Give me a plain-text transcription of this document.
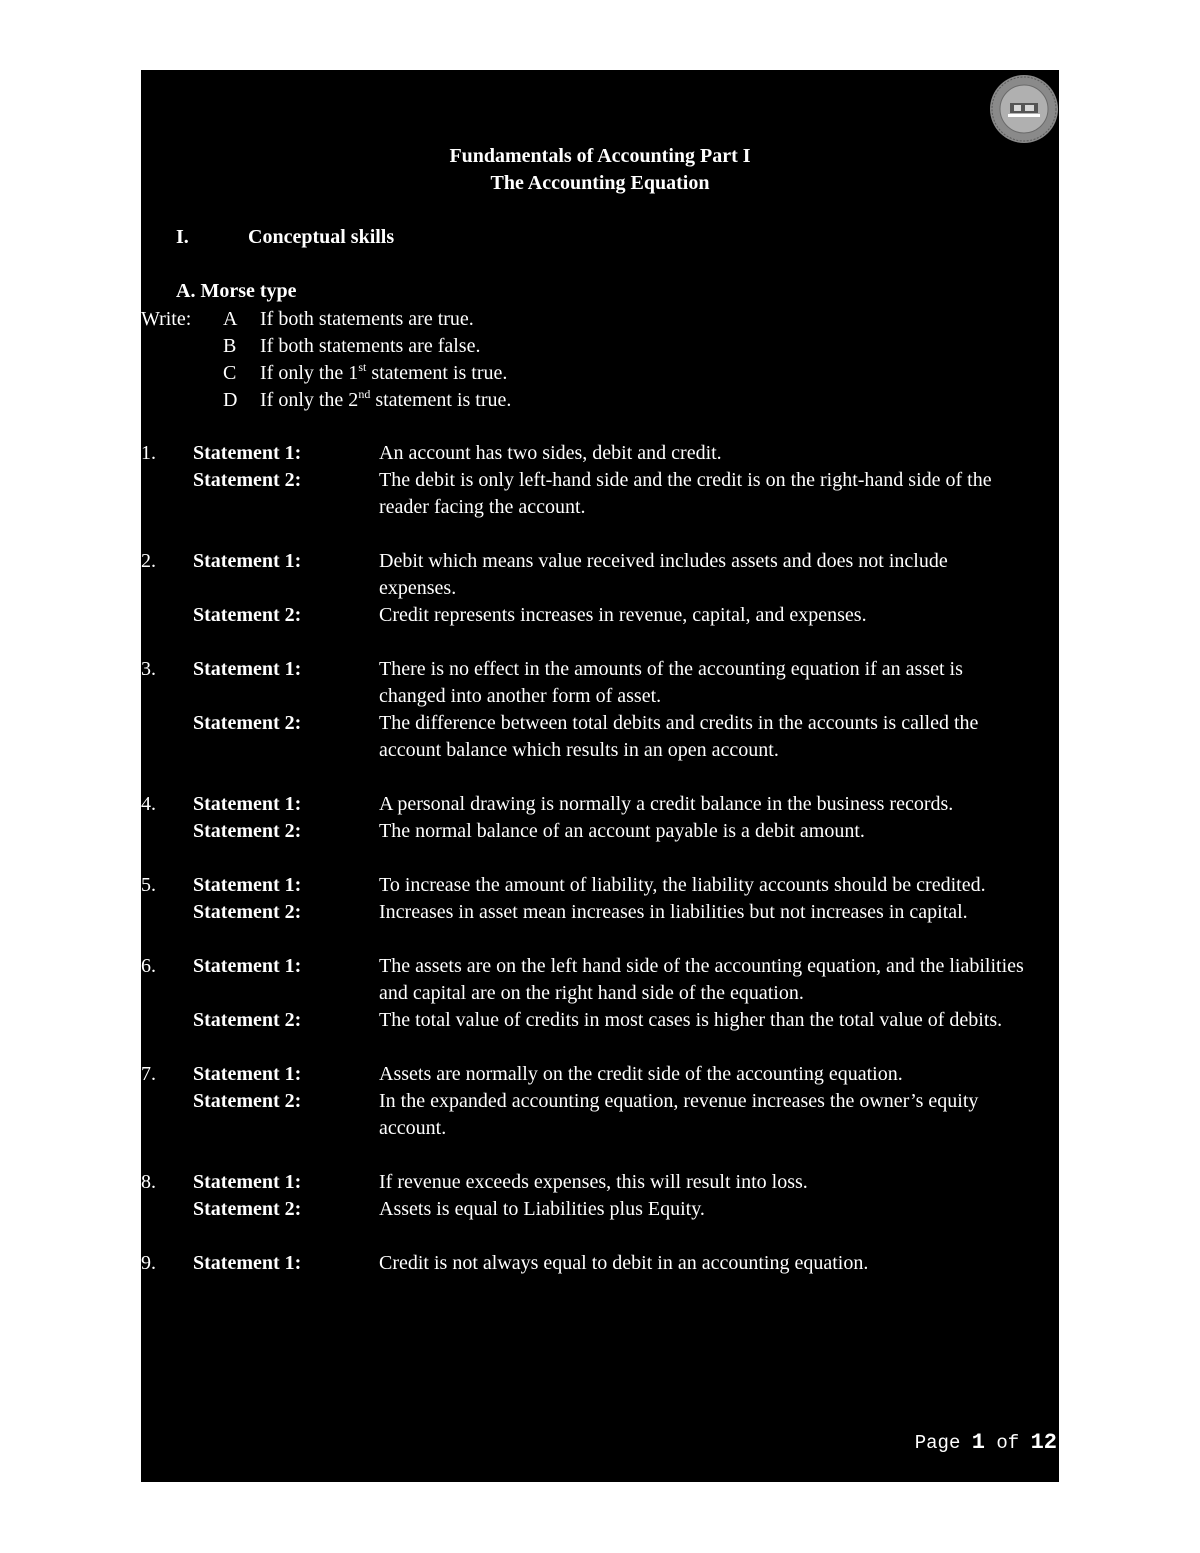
Fundamentals of Accounting Part I
The Accounting Equation
I.	Conceptual skills
A. Morse type
Write: A If both statements are true.
B If both statements are false.
C If only the 1st statement is true.
D If only the 2nd statement is true.
1. Statement 1:	An account has two sides, debit and credit.
Statement 2:	The debit is only left-hand side and the credit is on the right-hand side of the reader facing the account.
2. Statement 1:	Debit which means value received includes assets and does not include expenses.
Statement 2:	Credit represents increases in revenue, capital, and expenses.
3. Statement 1:	There is no effect in the amounts of the accounting equation if an asset is changed into another form of asset.
Statement 2:	The difference between total debits and credits in the accounts is called the account balance which results in an open account.
4. Statement 1:	A personal drawing is normally a credit balance in the business records.
Statement 2:	The normal balance of an account payable is a debit amount.
5. Statement 1:	To increase the amount of liability, the liability accounts should be credited.
Statement 2:	Increases in asset mean increases in liabilities but not increases in capital.
6. Statement 1:	The assets are on the left hand side of the accounting equation, and the liabilities and capital are on the right hand side of the equation.
Statement 2:	The total value of credits in most cases is higher than the total value of debits.
7. Statement 1:	Assets are normally on the credit side of the accounting equation.
Statement 2:	In the expanded accounting equation, revenue increases the owner’s equity account.
8. Statement 1:	If revenue exceeds expenses, this will result into loss.
Statement 2:	Assets is equal to Liabilities plus Equity.
9. Statement 1:	Credit is not always equal to debit in an accounting equation.
Page 1 of 12
